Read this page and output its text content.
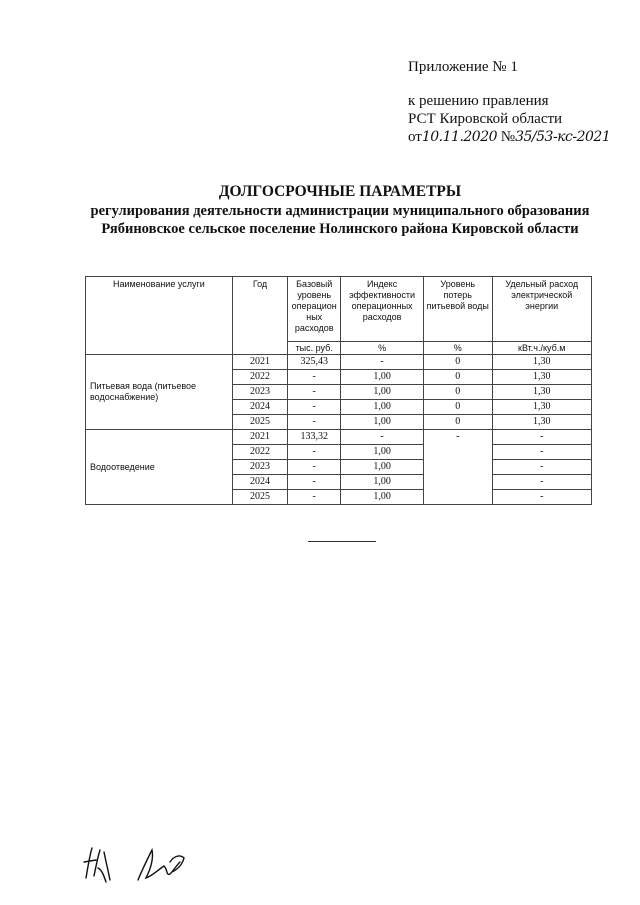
Приложение № 1
к решению правления
РСТ Кировской области
от10.11.2020 №35/53-кс-2021
ДОЛГОСРОЧНЫЕ ПАРАМЕТРЫ
регулирования деятельности администрации муниципального образования Рябиновское сельское поселение Нолинского района Кировской области
Наименование услуги	Год	Базовый уровень операцион ных расходов	Индекс эффективности операционных расходов	Уровень потерь питьевой воды	Удельный расход электрической энергии
		тыс. руб.	%	%	кВт.ч./куб.м
Питьевая вода (питьевое водоснабжение)	2021	325,43	-	0	1,30
	2022	-	1,00	0	1,30
	2023	-	1,00	0	1,30
	2024	-	1,00	0	1,30
	2025	-	1,00	0	1,30
Водоотведение	2021	133,32	-	-	-
	2022	-	1,00		-
	2023	-	1,00		-
	2024	-	1,00		-
	2025	-	1,00		-
